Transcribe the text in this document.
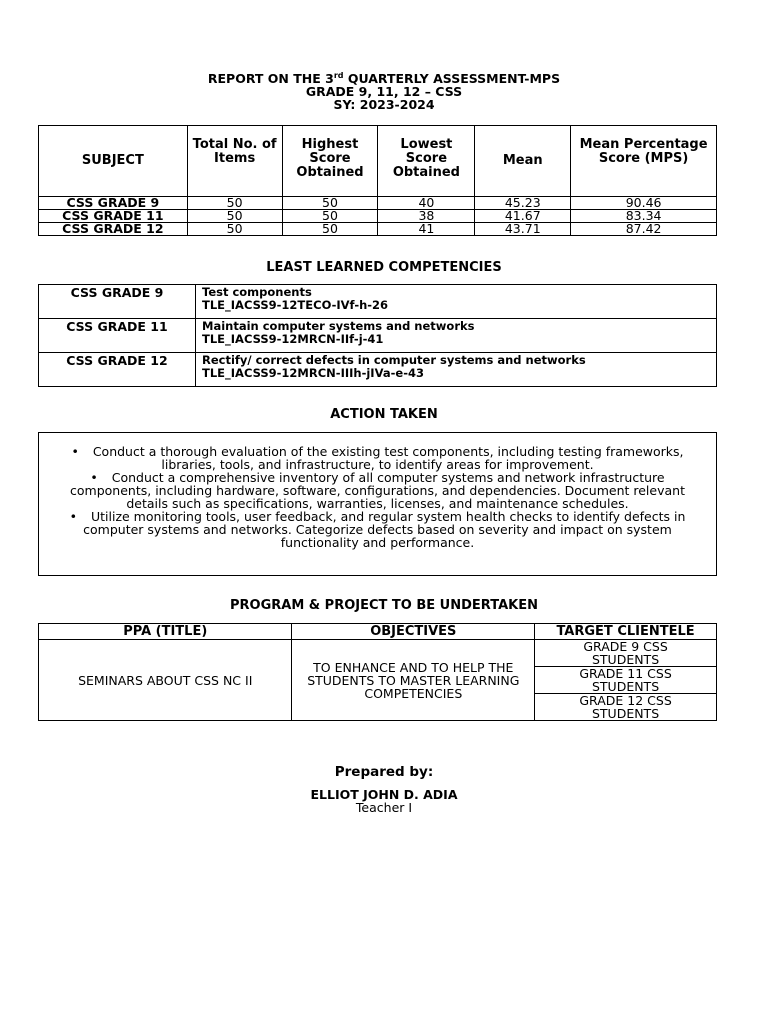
REPORT ON THE 3rd QUARTERLY ASSESSMENT-MPS
GRADE 9, 11, 12 – CSS
SY: 2023-2024
SUBJECT	Total No. of Items	Highest Score Obtained	Lowest Score Obtained	Mean	Mean Percentage Score (MPS)
CSS GRADE 9	50	50	40	45.23	90.46
CSS GRADE 11	50	50	38	41.67	83.34
CSS GRADE 12	50	50	41	43.71	87.42
LEAST LEARNED COMPETENCIES
CSS GRADE 9	Test components
TLE_IACSS9-12TECO-IVf-h-26

CSS GRADE 11	Maintain computer systems and networks
TLE_IACSS9-12MRCN-IIf-j-41

CSS GRADE 12	Rectify/ correct defects in computer systems and networks
TLE_IACSS9-12MRCN-IIIh-jIVa-e-43
ACTION TAKEN
• Conduct a thorough evaluation of the existing test components, including testing frameworks, libraries, tools, and infrastructure, to identify areas for improvement.
• Conduct a comprehensive inventory of all computer systems and network infrastructure components, including hardware, software, configurations, and dependencies. Document relevant details such as specifications, warranties, licenses, and maintenance schedules.
• Utilize monitoring tools, user feedback, and regular system health checks to identify defects in computer systems and networks. Categorize defects based on severity and impact on system functionality and performance.
PROGRAM & PROJECT TO BE UNDERTAKEN
PPA (TITLE)	OBJECTIVES	TARGET CLIENTELE
SEMINARS ABOUT CSS NC II	TO ENHANCE AND TO HELP THE STUDENTS TO MASTER LEARNING COMPETENCIES	GRADE 9 CSS STUDENTS
		GRADE 11 CSS STUDENTS
		GRADE 12 CSS STUDENTS
Prepared by:
ELLIOT JOHN D. ADIA
Teacher I
